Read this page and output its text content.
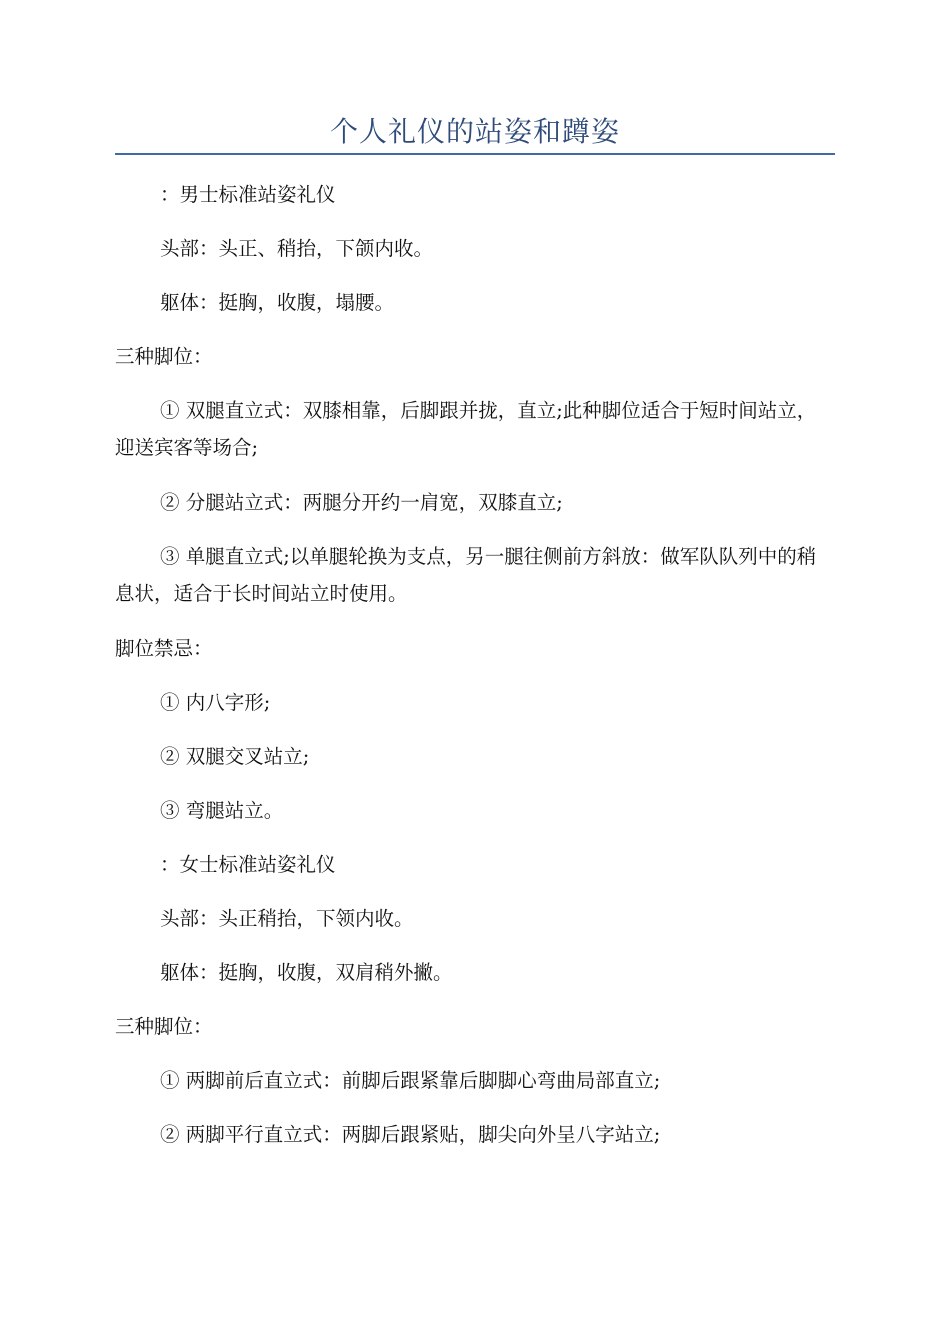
个人礼仪的站姿和蹲姿

：男士标准站姿礼仪

头部：头正、稍抬，下颌内收。

躯体：挺胸，收腹，塌腰。

三种脚位：

① 双腿直立式：双膝相靠，后脚跟并拢，直立;此种脚位适合于短时间站立，迎送宾客等场合;

② 分腿站立式：两腿分开约一肩宽，双膝直立;

③ 单腿直立式;以单腿轮换为支点，另一腿往侧前方斜放：做军队队列中的稍息状，适合于长时间站立时使用。

脚位禁忌：

① 内八字形;

② 双腿交叉站立;

③ 弯腿站立。

：女士标准站姿礼仪

头部：头正稍抬，下领内收。

躯体：挺胸，收腹，双肩稍外撇。

三种脚位：

① 两脚前后直立式：前脚后跟紧靠后脚脚心弯曲局部直立;

② 两脚平行直立式：两脚后跟紧贴，脚尖向外呈八字站立;
